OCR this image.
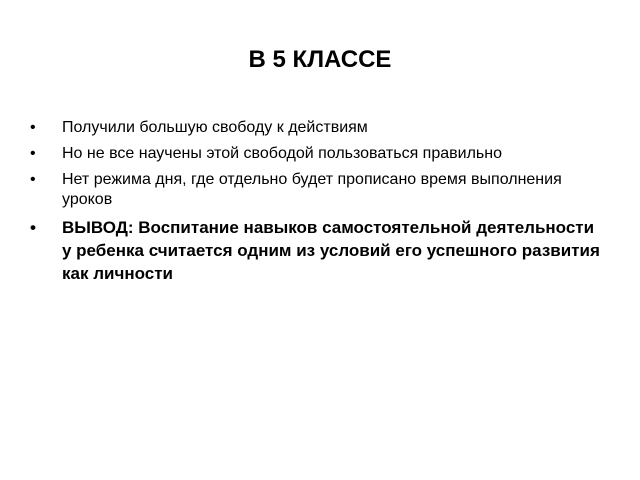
В 5 КЛАССЕ
•	Получили большую свободу к действиям
•	Но не все научены этой свободой пользоваться правильно
•	Нет режима дня, где отдельно будет прописано время выполнения уроков
•	ВЫВОД: Воспитание навыков самостоятельной деятельности у ребенка считается одним из условий его успешного развития как личности
